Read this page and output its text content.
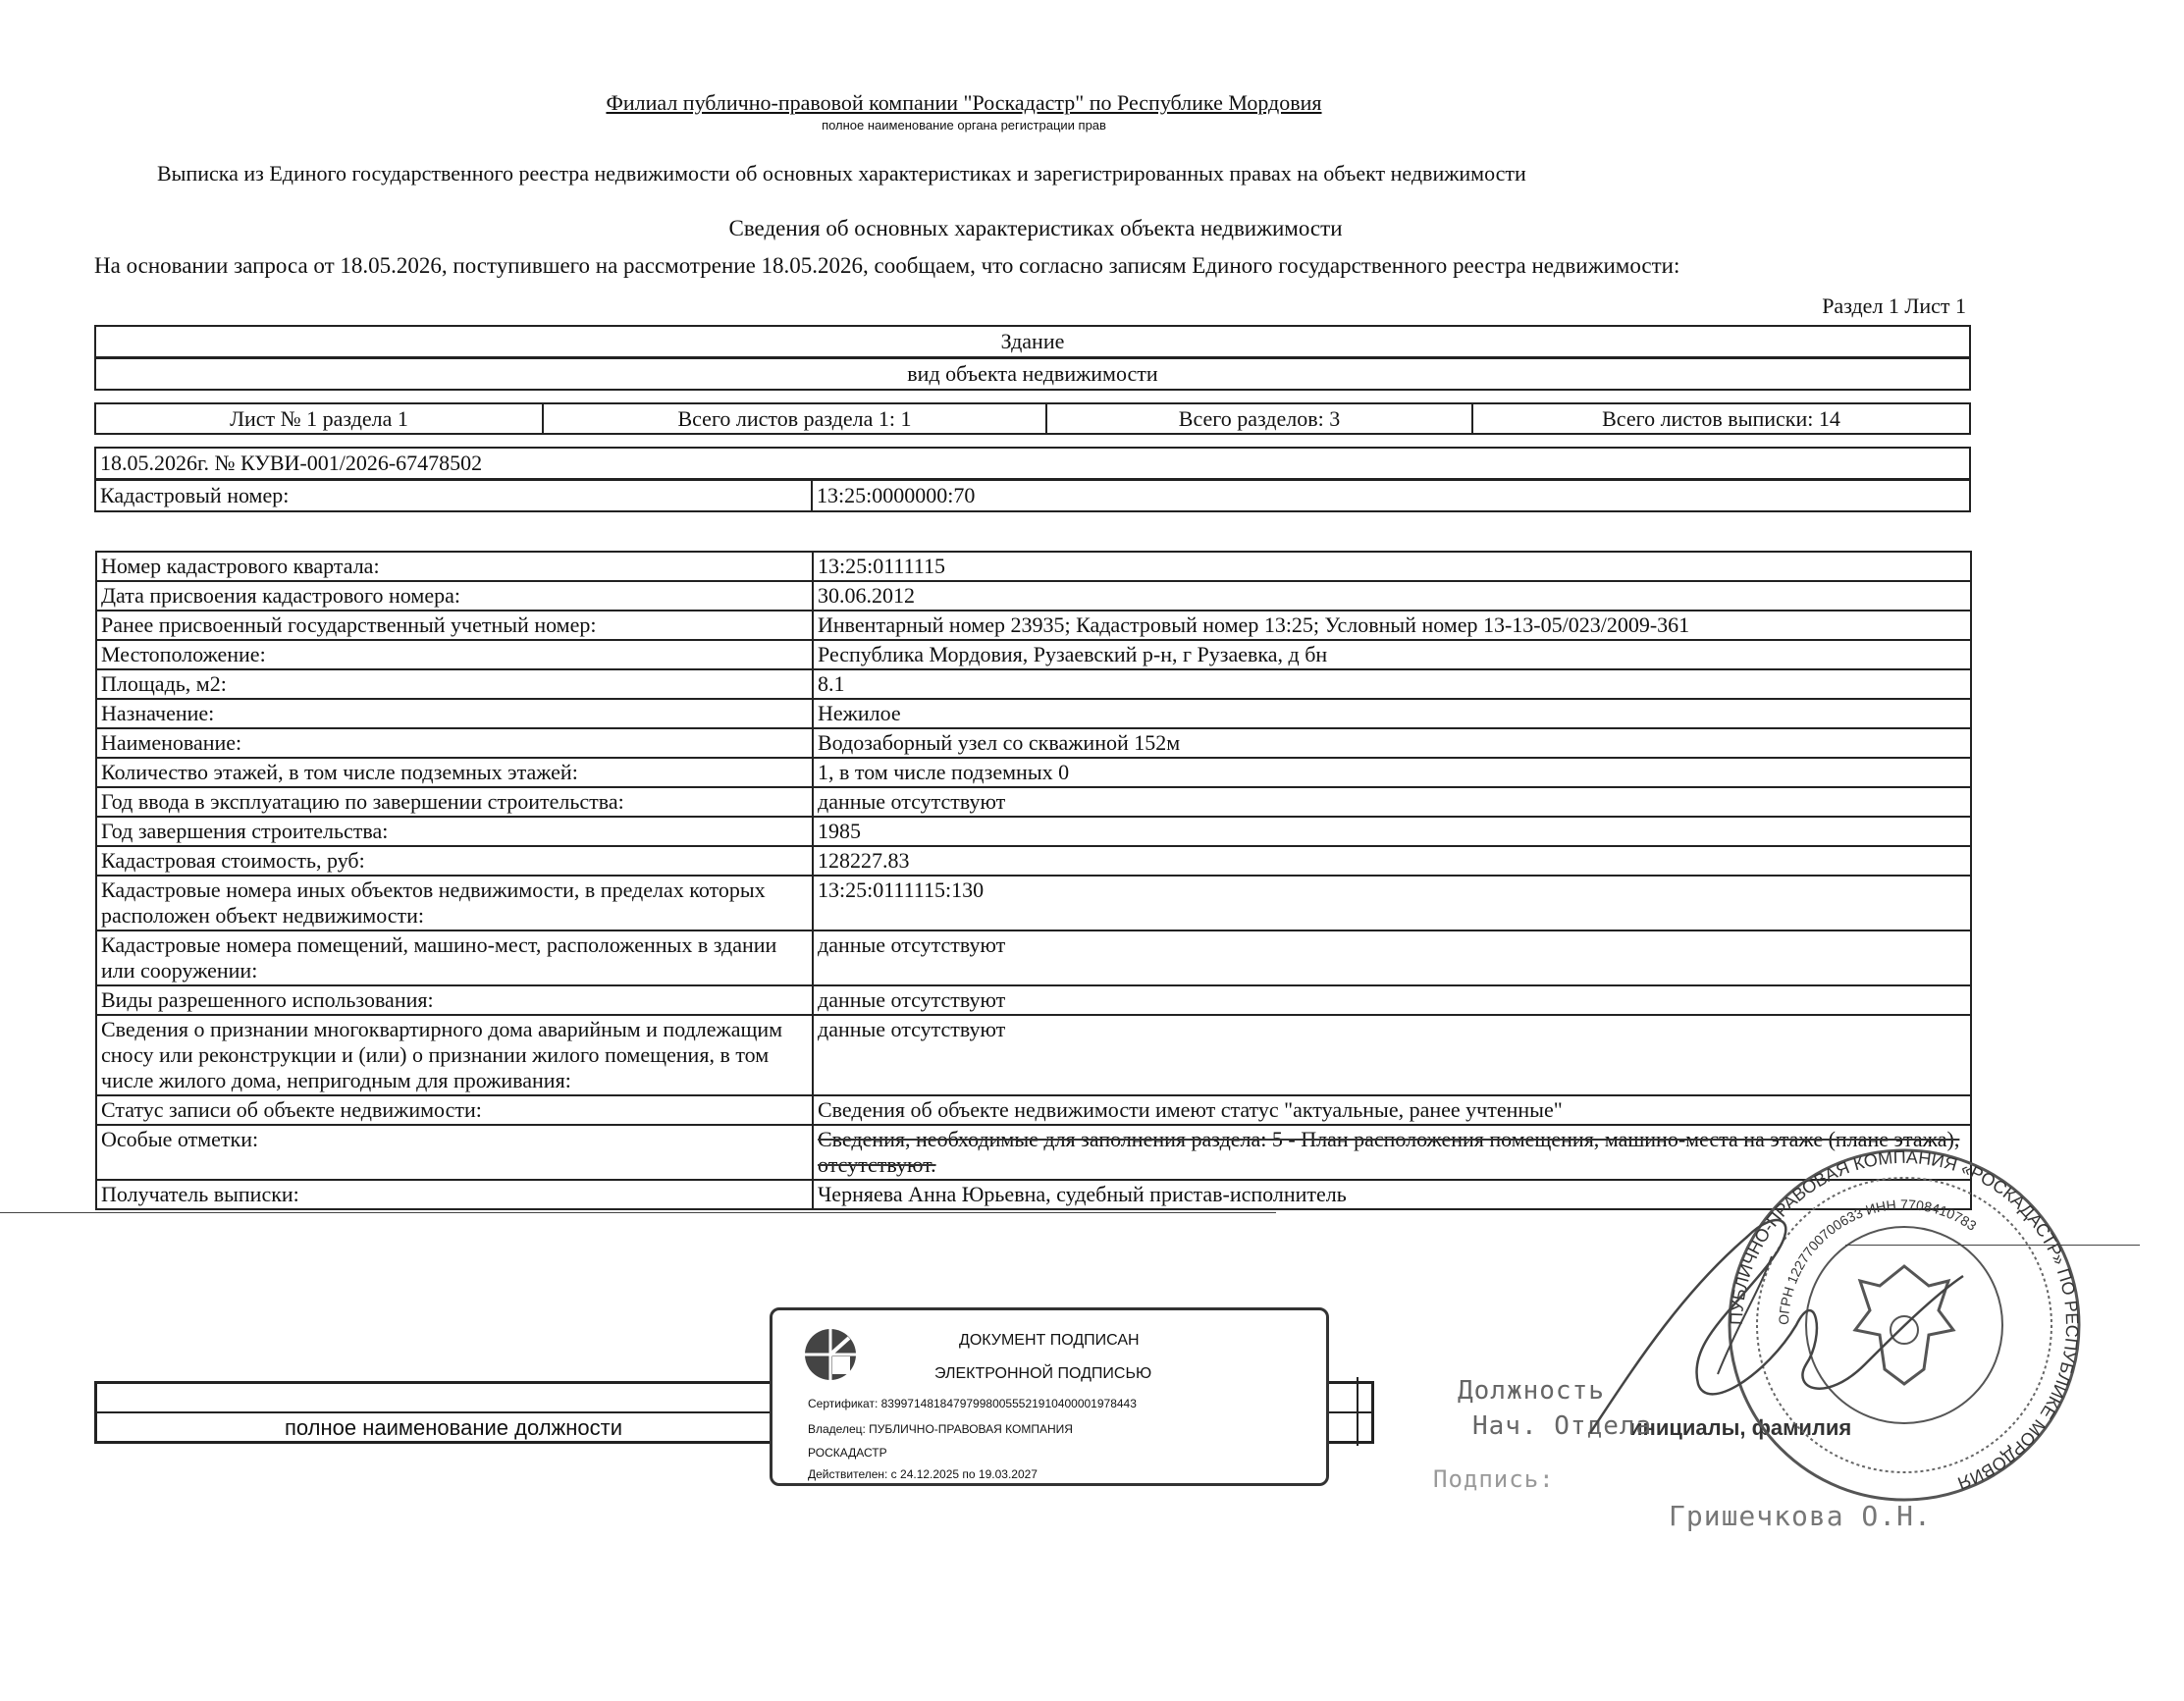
Филиал публично-правовой компании "Роскадастр" по Республике Мордовия
полное наименование органа регистрации прав
Выписка из Единого государственного реестра недвижимости об основных характеристиках и зарегистрированных правах на объект недвижимости
Сведения об основных характеристиках объекта недвижимости
На основании запроса от 18.05.2026, поступившего на рассмотрение 18.05.2026, сообщаем, что согласно записям Единого государственного реестра недвижимости:
Раздел 1 Лист 1
Здание
вид объекта недвижимости
Лист № 1 раздела 1	Всего листов раздела 1: 1	Всего разделов: 3	Всего листов выписки: 14
18.05.2026г. № КУВИ-001/2026-67478502
Кадастровый номер:	13:25:0000000:70
Номер кадастрового квартала:	13:25:0111115
Дата присвоения кадастрового номера:	30.06.2012
Ранее присвоенный государственный учетный номер:	Инвентарный номер 23935; Кадастровый номер 13:25; Условный номер 13-13-05/023/2009-361
Местоположение:	Республика Мордовия, Рузаевский р-н, г Рузаевка, д бн
Площадь, м2:	8.1
Назначение:	Нежилое
Наименование:	Водозаборный узел со скважиной 152м
Количество этажей, в том числе подземных этажей:	1, в том числе подземных 0
Год ввода в эксплуатацию по завершении строительства:	данные отсутствуют
Год завершения строительства:	1985
Кадастровая стоимость, руб:	128227.83
Кадастровые номера иных объектов недвижимости, в пределах которых расположен объект недвижимости:	13:25:0111115:130
Кадастровые номера помещений, машино-мест, расположенных в здании или сооружении:	данные отсутствуют
Виды разрешенного использования:	данные отсутствуют
Сведения о признании многоквартирного дома аварийным и подлежащим сносу или реконструкции и (или) о признании жилого помещения, в том числе жилого дома, непригодным для проживания:	данные отсутствуют
Статус записи об объекте недвижимости:	Сведения об объекте недвижимости имеют статус "актуальные, ранее учтенные"
Особые отметки:	Сведения, необходимые для заполнения раздела: 5 - План расположения помещения, машино-места на этаже (плане этажа), отсутствуют.
Получатель выписки:	Черняева Анна Юрьевна, судебный пристав-исполнитель
полное наименование должности	инициалы, фамилия
ДОКУМЕНТ ПОДПИСАН
ЭЛЕКТРОННОЙ ПОДПИСЬЮ
Сертификат: 839971481847979980055521910400001978443
Владелец: ПУБЛИЧНО-ПРАВОВАЯ КОМПАНИЯ
РОСКАДАСТР
Действителен: с 24.12.2025 по 19.03.2027
Должность
Нач. Отдела
Подпись:
Гришечкова О.Н.
ПУБЛИЧНО-ПРАВОВАЯ КОМПАНИЯ «РОСКАДАСТР» ПО РЕСПУБЛИКЕ МОРДОВИЯ
ОГРН 1227700700633 ИНН 7708410783
